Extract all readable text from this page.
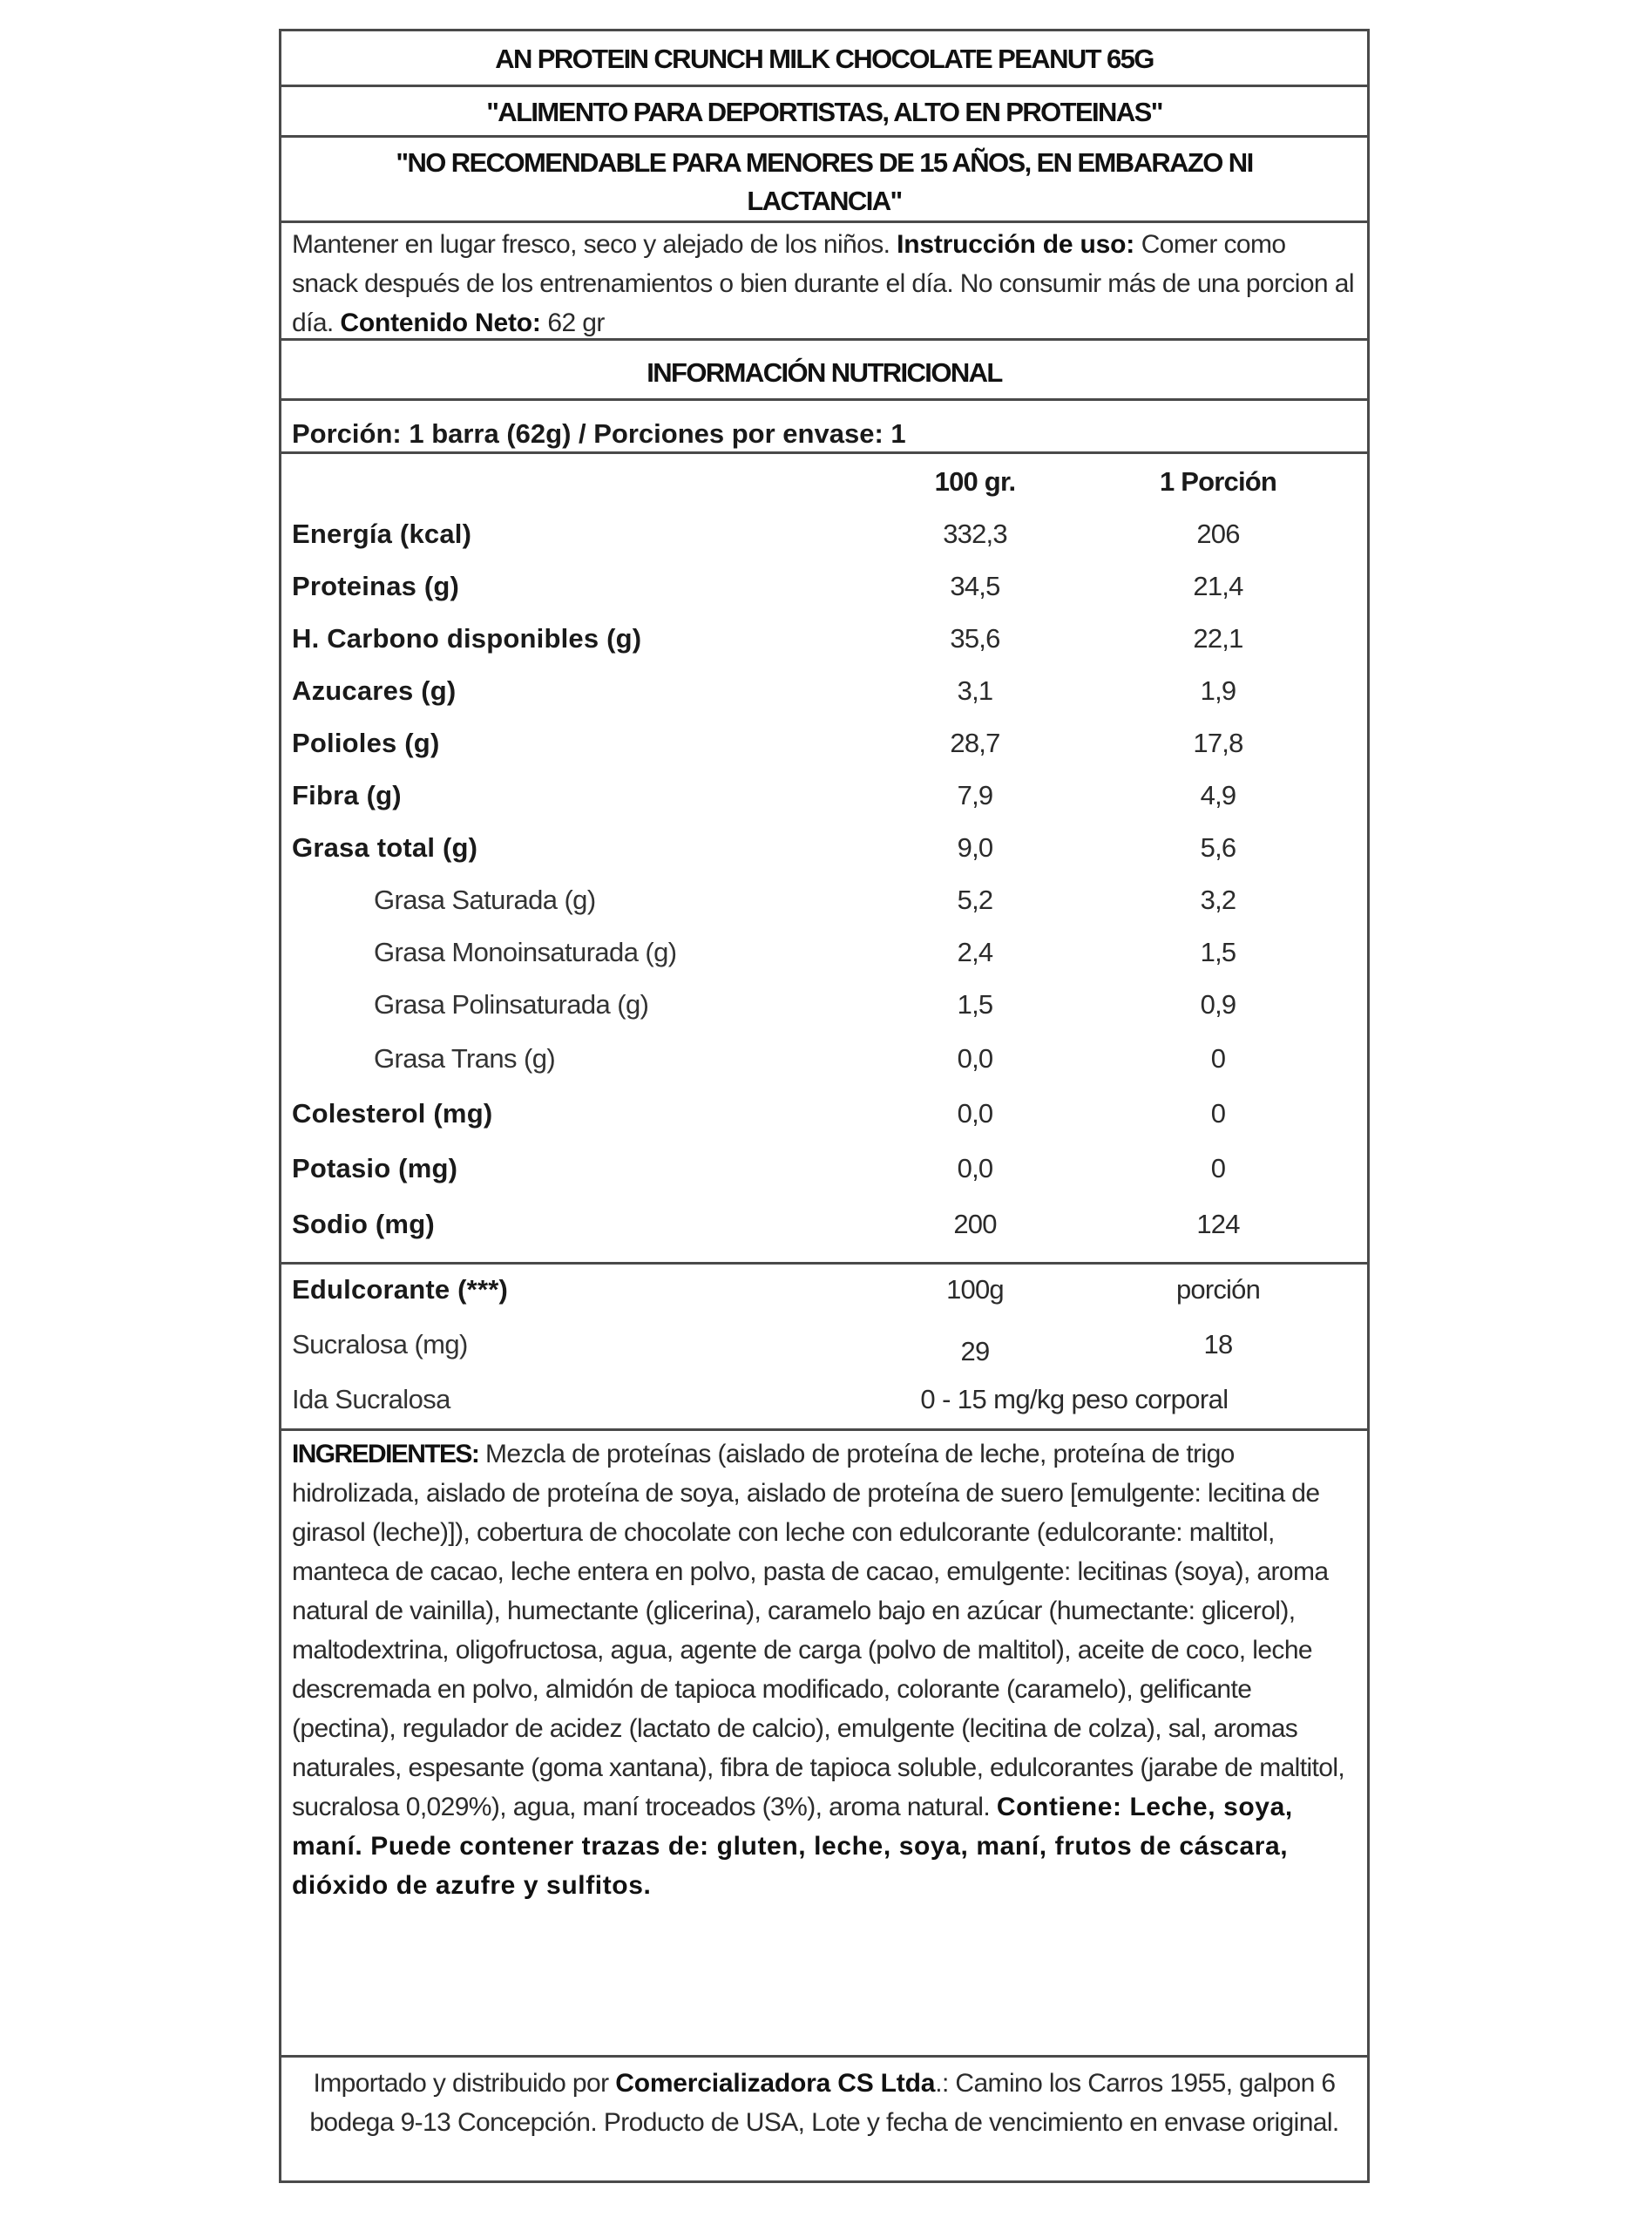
AN PROTEIN CRUNCH MILK CHOCOLATE PEANUT 65G
"ALIMENTO PARA DEPORTISTAS, ALTO EN PROTEINAS"
"NO RECOMENDABLE PARA MENORES DE 15 AÑOS, EN EMBARAZO NI LACTANCIA"
Mantener en lugar fresco, seco y alejado de los niños. Instrucción de uso: Comer como snack después de los entrenamientos o bien durante el día. No consumir más de una porcion al día. Contenido Neto: 62 gr
INFORMACIÓN NUTRICIONAL
Porción: 1 barra (62g) / Porciones por envase: 1
100 gr.	1 Porción
Energía (kcal)	332,3	206
Proteinas (g)	34,5	21,4
H. Carbono disponibles (g)	35,6	22,1
Azucares (g)	3,1	1,9
Polioles (g)	28,7	17,8
Fibra (g)	7,9	4,9
Grasa total (g)	9,0	5,6
Grasa Saturada (g)	5,2	3,2
Grasa Monoinsaturada (g)	2,4	1,5
Grasa Polinsaturada (g)	1,5	0,9
Grasa Trans (g)	0,0	0
Colesterol (mg)	0,0	0
Potasio (mg)	0,0	0
Sodio (mg)	200	124
Edulcorante (***)	100g	porción
Sucralosa (mg)	29	18
Ida Sucralosa	0 - 15 mg/kg peso corporal
INGREDIENTES: Mezcla de proteínas (aislado de proteína de leche, proteína de trigo hidrolizada, aislado de proteína de soya, aislado de proteína de suero [emulgente: lecitina de girasol (leche)]), cobertura de chocolate con leche con edulcorante (edulcorante: maltitol, manteca de cacao, leche entera en polvo, pasta de cacao, emulgente: lecitinas (soya), aroma natural de vainilla), humectante (glicerina), caramelo bajo en azúcar (humectante: glicerol), maltodextrina, oligofructosa, agua, agente de carga (polvo de maltitol), aceite de coco, leche descremada en polvo, almidón de tapioca modificado, colorante (caramelo), gelificante (pectina), regulador de acidez (lactato de calcio), emulgente (lecitina de colza), sal, aromas naturales, espesante (goma xantana), fibra de tapioca soluble, edulcorantes (jarabe de maltitol, sucralosa 0,029%), agua, maní troceados (3%), aroma natural. Contiene: Leche, soya, maní. Puede contener trazas de: gluten, leche, soya, maní, frutos de cáscara, dióxido de azufre y sulfitos.
Importado y distribuido por Comercializadora CS Ltda.: Camino los Carros 1955, galpon 6 bodega 9-13 Concepción. Producto de USA, Lote y fecha de vencimiento en envase original.
